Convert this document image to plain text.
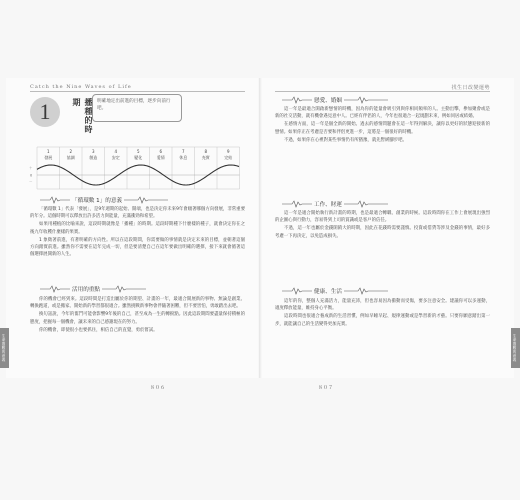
Catch the Nine Waves of Life	找生日改變運勢
1	播種的時期	明確地定出前進的目標，逐步向前行吧。
＋
0
－
1
發展
2
協調
3
創造
4
安定
5
變化
6
愛情
7
休息
8
充實
9
完結
「循環數 1」的意義

「循環數 1」代表「發展」，是9年週期的起始、開端，也是決定你未來9年會順著哪個方向發展，非常重要的年分。這個時期可以釋放出許多活力與能量，充滿衝勁和希望。

如果用種植的比喻來說，這段時期就像是「播種」的時期。這段時期種下什麼樣的種子，就會決定你在之後九年收穫什麼樣的果實。

1 象徵著前進，有著明確的方向性。所以在這段期間，你需要做的事情就是決定未來的目標，並朝著這個方向踏實前進。雖然你不需要在這年完成一切，但是要清楚自己在這年要做出明確的選擇，接下來就會循著這個選擇展開新的人生。

活用的重點

你的機會已經到來。這段時間是打造出屬於你的期望、計畫的一年，最適合開展新的事物、無論是創業、轉換跑道，或是搬家、開始新的學習都很適合。雖然挑戰新事物會伴隨著困難，但不要害怕，勇敢踏出去吧。

換句話說，今年的奮鬥可能會影響9年後的自己，甚至成為一生的轉捩點。因此這段期間要盡量保持積極的態度，把握每一個機會，讓未來的自己感謝現在的努力。

你的機會，即使很小也要抓住，相信自己的直覺，勇於嘗試。

戀愛、婚姻

這一年是最適合開啟新戀情的時機，因為你的能量會吸引到與你相同頻率的人。主動出擊，參加聚會或是新的社交活動，就有機會遇見意中人。已經有伴侶的人，今年也很適合一起規劃未來，例如同居或結婚。

在感情方面，這一年是個全新的開始。過去的感情問題會在這一年得到解決，讓你以更好的狀態迎接新的戀情。如果你正在考慮是否要和伴侶更進一步，這將是一個很好的時機。

不過，如果你在心裡對某些事情仍有所猶豫，就先暫緩腳步吧。

工作、財運

這一年是適合開始執行新計畫的時期，也是最適合轉職、創業的時候。這段時間你在工作上會展現出強烈的企圖心與行動力，容易得到上司的賞識或是客戶的信任。

不過，這一年也屬於金錢開銷大的時期，因此在花錢時需要謹慎。投資或借貸等涉及金錢的事情，最好多考慮一下再決定，以免造成損失。

健康、生活

這年的你，整個人充滿活力，能量充沛，但也容易因為衝動而受傷，要多注意安全。建議你可以多運動，適度釋放能量，維持身心平衡。

這段時間也很適合養成新的生活習慣，例如早睡早起、規律運動或是學習新的才藝。只要你願意踏出第一步，就能讓自己的生活變得更加充實。

８０６	８０７
生命靈數的意義	生命靈數的意義
